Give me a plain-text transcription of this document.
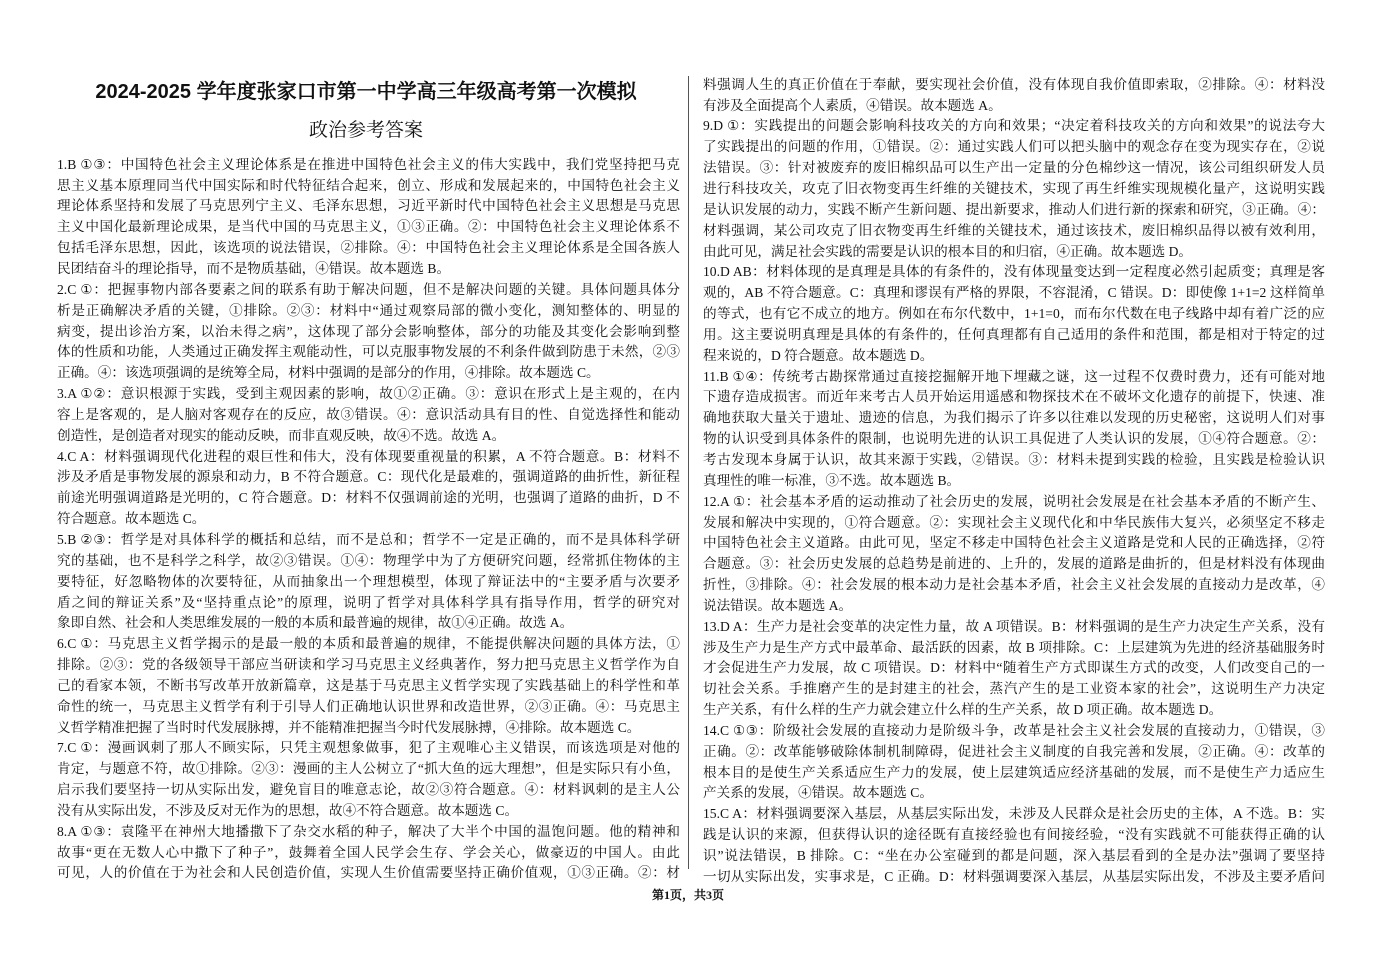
2024-2025 学年度张家口市第一中学高三年级高考第一次模拟
政治参考答案
1.B ①③：中国特色社会主义理论体系是在推进中国特色社会主义的伟大实践中，我们党坚持把马克
思主义基本原理同当代中国实际和时代特征结合起来，创立、形成和发展起来的，中国特色社会主义
理论体系坚持和发展了马克思列宁主义、毛泽东思想，习近平新时代中国特色社会主义思想是马克思
主义中国化最新理论成果，是当代中国的马克思主义，①③正确。②：中国特色社会主义理论体系不
包括毛泽东思想，因此，该选项的说法错误，②排除。④：中国特色社会主义理论体系是全国各族人
民团结奋斗的理论指导，而不是物质基础，④错误。故本题选 B。
2.C ①：把握事物内部各要素之间的联系有助于解决问题，但不是解决问题的关键。具体问题具体分
析是正确解决矛盾的关键，①排除。②③：材料中“通过观察局部的微小变化，测知整体的、明显的
病变，提出诊治方案，以治未得之病”，这体现了部分会影响整体，部分的功能及其变化会影响到整
体的性质和功能，人类通过正确发挥主观能动性，可以克服事物发展的不利条件做到防患于未然，②③
正确。④：该选项强调的是统筹全局，材料中强调的是部分的作用，④排除。故本题选 C。
3.A ①②：意识根源于实践，受到主观因素的影响，故①②正确。③：意识在形式上是主观的，在内
容上是客观的，是人脑对客观存在的反应，故③错误。④：意识活动具有目的性、自觉选择性和能动
创造性，是创造者对现实的能动反映，而非直观反映，故④不选。故选 A。
4.C A：材料强调现代化进程的艰巨性和伟大，没有体现要重视量的积累，A 不符合题意。B：材料不
涉及矛盾是事物发展的源泉和动力，B 不符合题意。C：现代化是最难的，强调道路的曲折性，新征程
前途光明强调道路是光明的，C 符合题意。D：材料不仅强调前途的光明，也强调了道路的曲折，D 不
符合题意。故本题选 C。
5.B ②③：哲学是对具体科学的概括和总结，而不是总和；哲学不一定是正确的，而不是具体科学研
究的基础，也不是科学之科学，故②③错误。①④：物理学中为了方便研究问题，经常抓住物体的主
要特征，好忽略物体的次要特征，从而抽象出一个理想模型，体现了辩证法中的“主要矛盾与次要矛
盾之间的辩证关系”及“坚持重点论”的原理，说明了哲学对具体科学具有指导作用，哲学的研究对
象即自然、社会和人类思维发展的一般的本质和最普遍的规律，故①④正确。故选 A。
6.C ①：马克思主义哲学揭示的是最一般的本质和最普遍的规律，不能提供解决问题的具体方法，①
排除。②③：党的各级领导干部应当研读和学习马克思主义经典著作，努力把马克思主义哲学作为自
己的看家本领，不断书写改革开放新篇章，这是基于马克思主义哲学实现了实践基础上的科学性和革
命性的统一，马克思主义哲学有利于引导人们正确地认识世界和改造世界，②③正确。④：马克思主
义哲学精准把握了当时时代发展脉搏，并不能精准把握当今时代发展脉搏，④排除。故本题选 C。
7.C ①：漫画讽刺了那人不顾实际，只凭主观想象做事，犯了主观唯心主义错误，而该选项是对他的
肯定，与题意不符，故①排除。②③：漫画的主人公树立了“抓大鱼的远大理想”，但是实际只有小鱼，
启示我们要坚持一切从实际出发，避免盲目的唯意志论，故②③符合题意。④：材料讽刺的是主人公
没有从实际出发，不涉及反对无作为的思想，故④不符合题意。故本题选 C。
8.A ①③：袁隆平在神州大地播撒下了杂交水稻的种子，解决了大半个中国的温饱问题。他的精神和
故事“更在无数人心中撒下了种子”，鼓舞着全国人民学会生存、学会关心，做豪迈的中国人。由此
可见，人的价值在于为社会和人民创造价值，实现人生价值需要坚持正确价值观，①③正确。②：材
料强调人生的真正价值在于奉献，要实现社会价值，没有体现自我价值即索取，②排除。④：材料没
有涉及全面提高个人素质，④错误。故本题选 A。
9.D ①：实践提出的问题会影响科技攻关的方向和效果；“决定着科技攻关的方向和效果”的说法夸大
了实践提出的问题的作用，①错误。②：通过实践人们可以把头脑中的观念存在变为现实存在，②说
法错误。③：针对被废弃的废旧棉织品可以生产出一定量的分色棉纱这一情况，该公司组织研发人员
进行科技攻关，攻克了旧衣物变再生纤维的关键技术，实现了再生纤维实现规模化量产，这说明实践
是认识发展的动力，实践不断产生新问题、提出新要求，推动人们进行新的探索和研究，③正确。④：
材料强调，某公司攻克了旧衣物变再生纤维的关键技术，通过该技术，废旧棉织品得以被有效利用，
由此可见，满足社会实践的需要是认识的根本目的和归宿，④正确。故本题选 D。
10.D AB：材料体现的是真理是具体的有条件的，没有体现量变达到一定程度必然引起质变；真理是客
观的，AB 不符合题意。C：真理和谬误有严格的界限，不容混淆，C 错误。D：即使像 1+1=2 这样简单
的等式，也有它不成立的地方。例如在布尔代数中，1+1=0，而布尔代数在电子线路中却有着广泛的应
用。这主要说明真理是具体的有条件的，任何真理都有自己适用的条件和范围，都是相对于特定的过
程来说的，D 符合题意。故本题选 D。
11.B ①④：传统考古勘探常通过直接挖掘解开地下埋藏之谜，这一过程不仅费时费力，还有可能对地
下遗存造成损害。而近年来考古人员开始运用遥感和物探技术在不破坏文化遗存的前提下，快速、准
确地获取大量关于遗址、遗迹的信息，为我们揭示了许多以往难以发现的历史秘密，这说明人们对事
物的认识受到具体条件的限制，也说明先进的认识工具促进了人类认识的发展，①④符合题意。②：
考古发现本身属于认识，故其来源于实践，②错误。③：材料未提到实践的检验，且实践是检验认识
真理性的唯一标准，③不选。故本题选 B。
12.A ①：社会基本矛盾的运动推动了社会历史的发展，说明社会发展是在社会基本矛盾的不断产生、
发展和解决中实现的，①符合题意。②：实现社会主义现代化和中华民族伟大复兴，必须坚定不移走
中国特色社会主义道路。由此可见，坚定不移走中国特色社会主义道路是党和人民的正确选择，②符
合题意。③：社会历史发展的总趋势是前进的、上升的，发展的道路是曲折的，但是材料没有体现曲
折性，③排除。④：社会发展的根本动力是社会基本矛盾，社会主义社会发展的直接动力是改革，④
说法错误。故本题选 A。
13.D A：生产力是社会变革的决定性力量，故 A 项错误。B：材料强调的是生产力决定生产关系，没有
涉及生产力是生产方式中最革命、最活跃的因素，故 B 项排除。C：上层建筑为先进的经济基础服务时
才会促进生产力发展，故 C 项错误。D：材料中“随着生产方式即谋生方式的改变，人们改变自己的一
切社会关系。手推磨产生的是封建主的社会，蒸汽产生的是工业资本家的社会”，这说明生产力决定
生产关系，有什么样的生产力就会建立什么样的生产关系，故 D 项正确。故本题选 D。
14.C ①③：阶级社会发展的直接动力是阶级斗争，改革是社会主义社会发展的直接动力，①错误，③
正确。②：改革能够破除体制机制障碍，促进社会主义制度的自我完善和发展，②正确。④：改革的
根本目的是使生产关系适应生产力的发展，使上层建筑适应经济基础的发展，而不是使生产力适应生
产关系的发展，④错误。故本题选 C。
15.C A：材料强调要深入基层，从基层实际出发，未涉及人民群众是社会历史的主体，A 不选。B：实
践是认识的来源，但获得认识的途径既有直接经验也有间接经验，“没有实践就不可能获得正确的认
识”说法错误，B 排除。C：“坐在办公室碰到的都是问题，深入基层看到的全是办法”强调了要坚持
一切从实际出发，实事求是，C 正确。D：材料强调要深入基层，从基层实际出发，不涉及主要矛盾问
第1页，共3页
